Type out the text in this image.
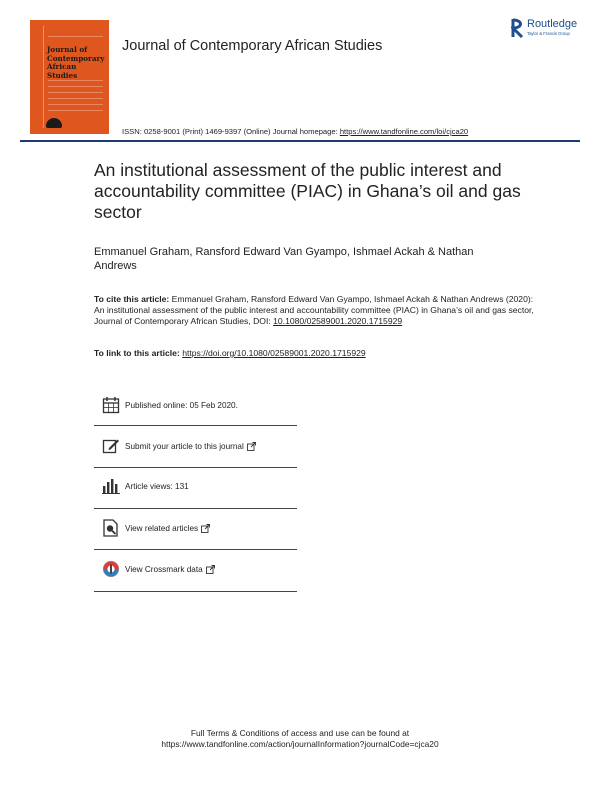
Journal of
Contemporary
African Studies
Journal of Contemporary African Studies
Routledge
Taylor & Francis Group
ISSN: 0258-9001 (Print) 1469-9397 (Online) Journal homepage: https://www.tandfonline.com/loi/cjca20
An institutional assessment of the public interest and accountability committee (PIAC) in Ghana’s oil and gas sector
Emmanuel Graham, Ransford Edward Van Gyampo, Ishmael Ackah & Nathan Andrews
To cite this article: Emmanuel Graham, Ransford Edward Van Gyampo, Ishmael Ackah & Nathan Andrews (2020): An institutional assessment of the public interest and accountability committee (PIAC) in Ghana’s oil and gas sector, Journal of Contemporary African Studies, DOI: 10.1080/02589001.2020.1715929
To link to this article: https://doi.org/10.1080/02589001.2020.1715929
Published online: 05 Feb 2020.
Submit your article to this journal
Article views: 131
View related articles
View Crossmark data
Full Terms & Conditions of access and use can be found at
https://www.tandfonline.com/action/journalInformation?journalCode=cjca20
